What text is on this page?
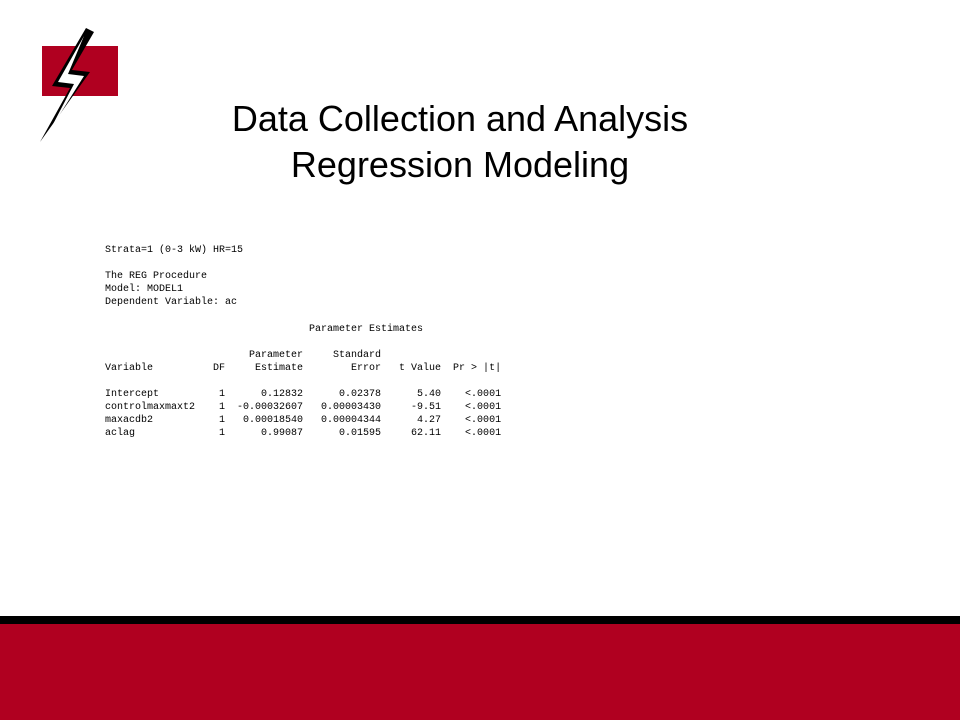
EUCI	Data Collection and Analysis
Regression Modeling
Strata=1 (0-3 kW) HR=15
The REG Procedure
Model: MODEL1
Dependent Variable: ac
Parameter Estimates
Parameter     Standard
Variable          DF     Estimate        Error   t Value  Pr > |t|
Intercept          1      0.12832      0.02378      5.40    <.0001
controlmaxmaxt2    1  -0.00032607   0.00003430     -9.51    <.0001
maxacdb2           1   0.00018540   0.00004344      4.27    <.0001
aclag              1      0.99087      0.01595     62.11    <.0001
